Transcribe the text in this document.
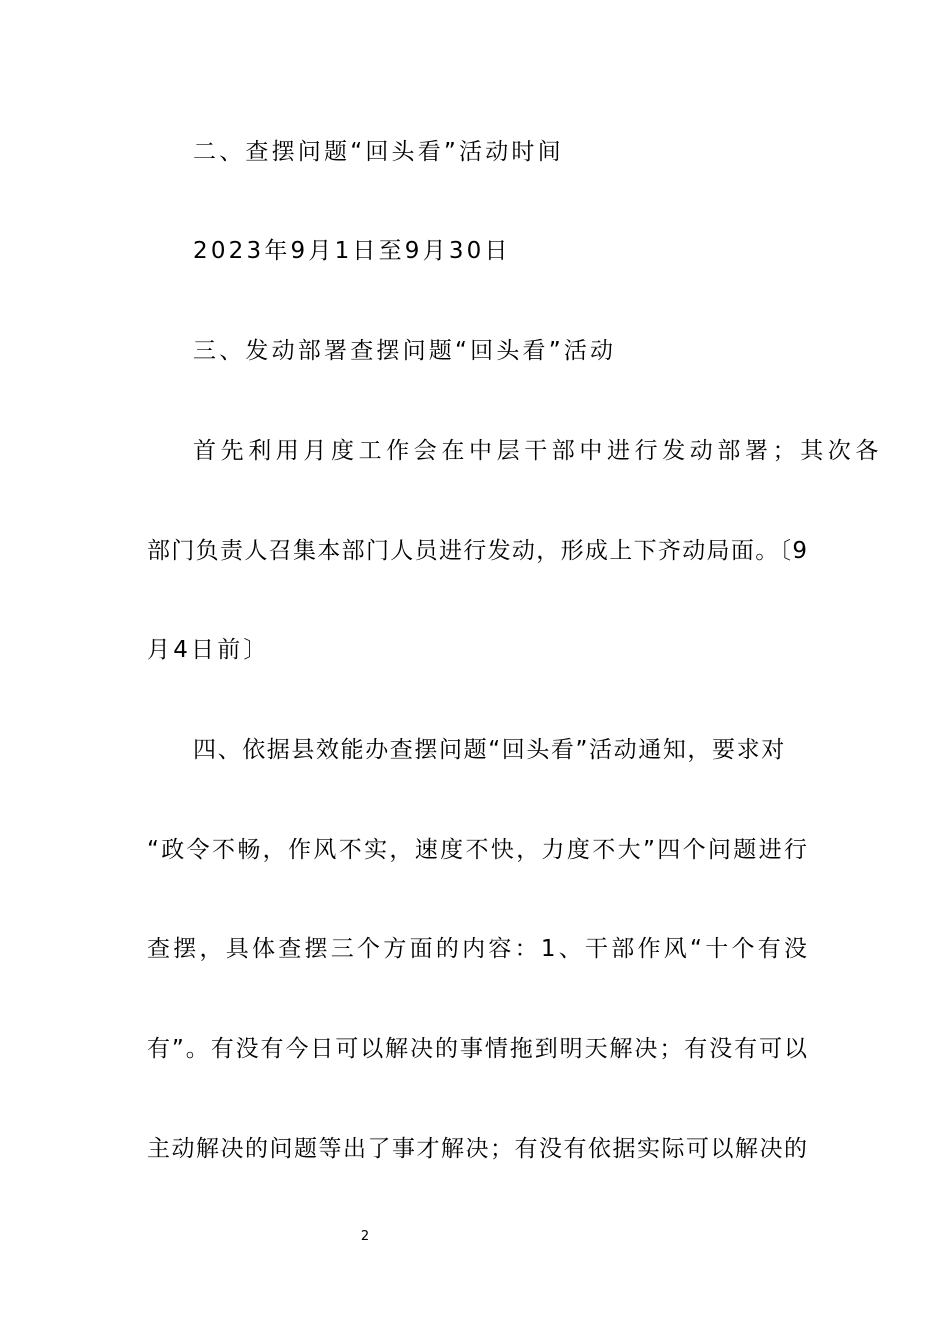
二、查摆问题“回头看”活动时间
2023年9月1日至9月30日
三、发动部署查摆问题“回头看”活动
首先利用月度工作会在中层干部中进行发动部署；其次各
部门负责人召集本部门人员进行发动，形成上下齐动局面。〔9
月4日前〕
四、依据县效能办查摆问题“回头看”活动通知，要求对
“政令不畅，作风不实，速度不快，力度不大”四个问题进行
查摆，具体查摆三个方面的内容：1、干部作风“十个有没
有”。有没有今日可以解决的事情拖到明天解决；有没有可以
主动解决的问题等出了事才解决；有没有依据实际可以解决的
2
